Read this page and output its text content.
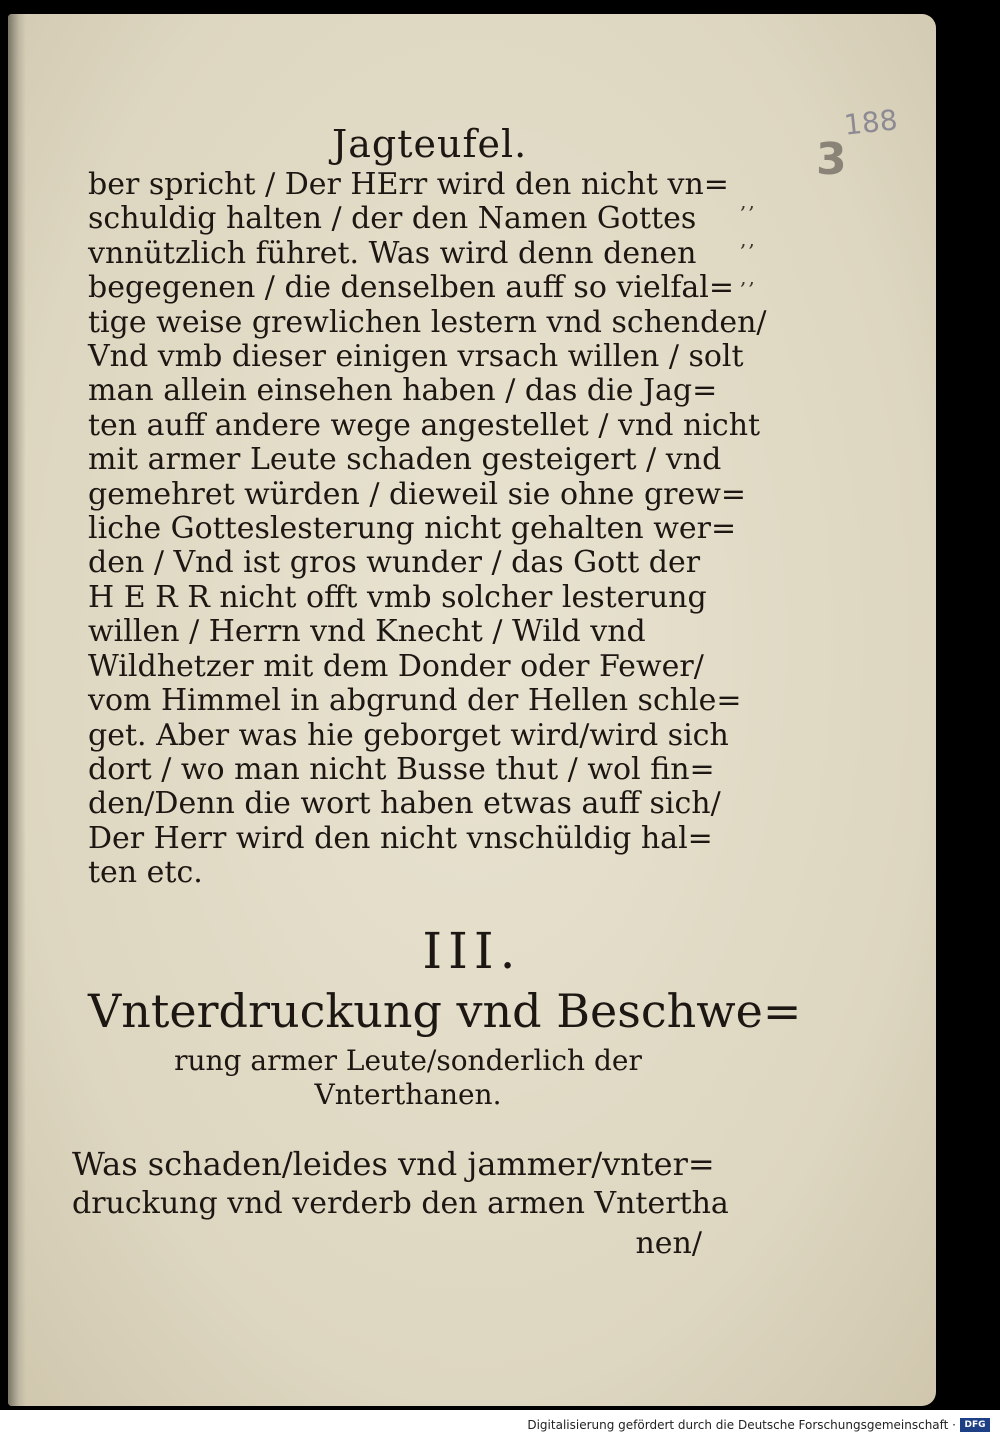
Jagteufel.	188
3
‚‚
‚‚
‚‚
ber spricht / Der HErr wird den nicht vn=
schuldig halten / der den Namen Gottes
vnnützlich führet. Was wird denn denen
begegenen / die denselben auff so vielfal=
tige weise grewlichen lestern vnd schenden/
Vnd vmb dieser einigen vrsach willen / solt
man allein einsehen haben / das die Jag=
ten auff andere wege angestellet / vnd nicht
mit armer Leute schaden gesteigert / vnd
gemehret würden / dieweil sie ohne grew=
liche Gotteslesterung nicht gehalten wer=
den / Vnd ist gros wunder / das Gott der
H E R R nicht offt vmb solcher lesterung
willen / Herrn vnd Knecht / Wild vnd
Wildhetzer mit dem Donder oder Fewer/
vom Himmel in abgrund der Hellen schle=
get. Aber was hie geborget wird/wird sich
dort / wo man nicht Busse thut / wol fin=
den/Denn die wort haben etwas auff sich/
Der Herr wird den nicht vnschüldig hal=
ten etc.
III.
Vnterdruckung vnd Beschwe=
rung armer Leute/sonderlich der
Vnterthanen.
Was schaden/leides vnd jammer/vnter=
druckung vnd verderb den armen Vntertha
nen/
Digitalisierung gefördert durch die Deutsche Forschungsgemeinschaft · DFG
